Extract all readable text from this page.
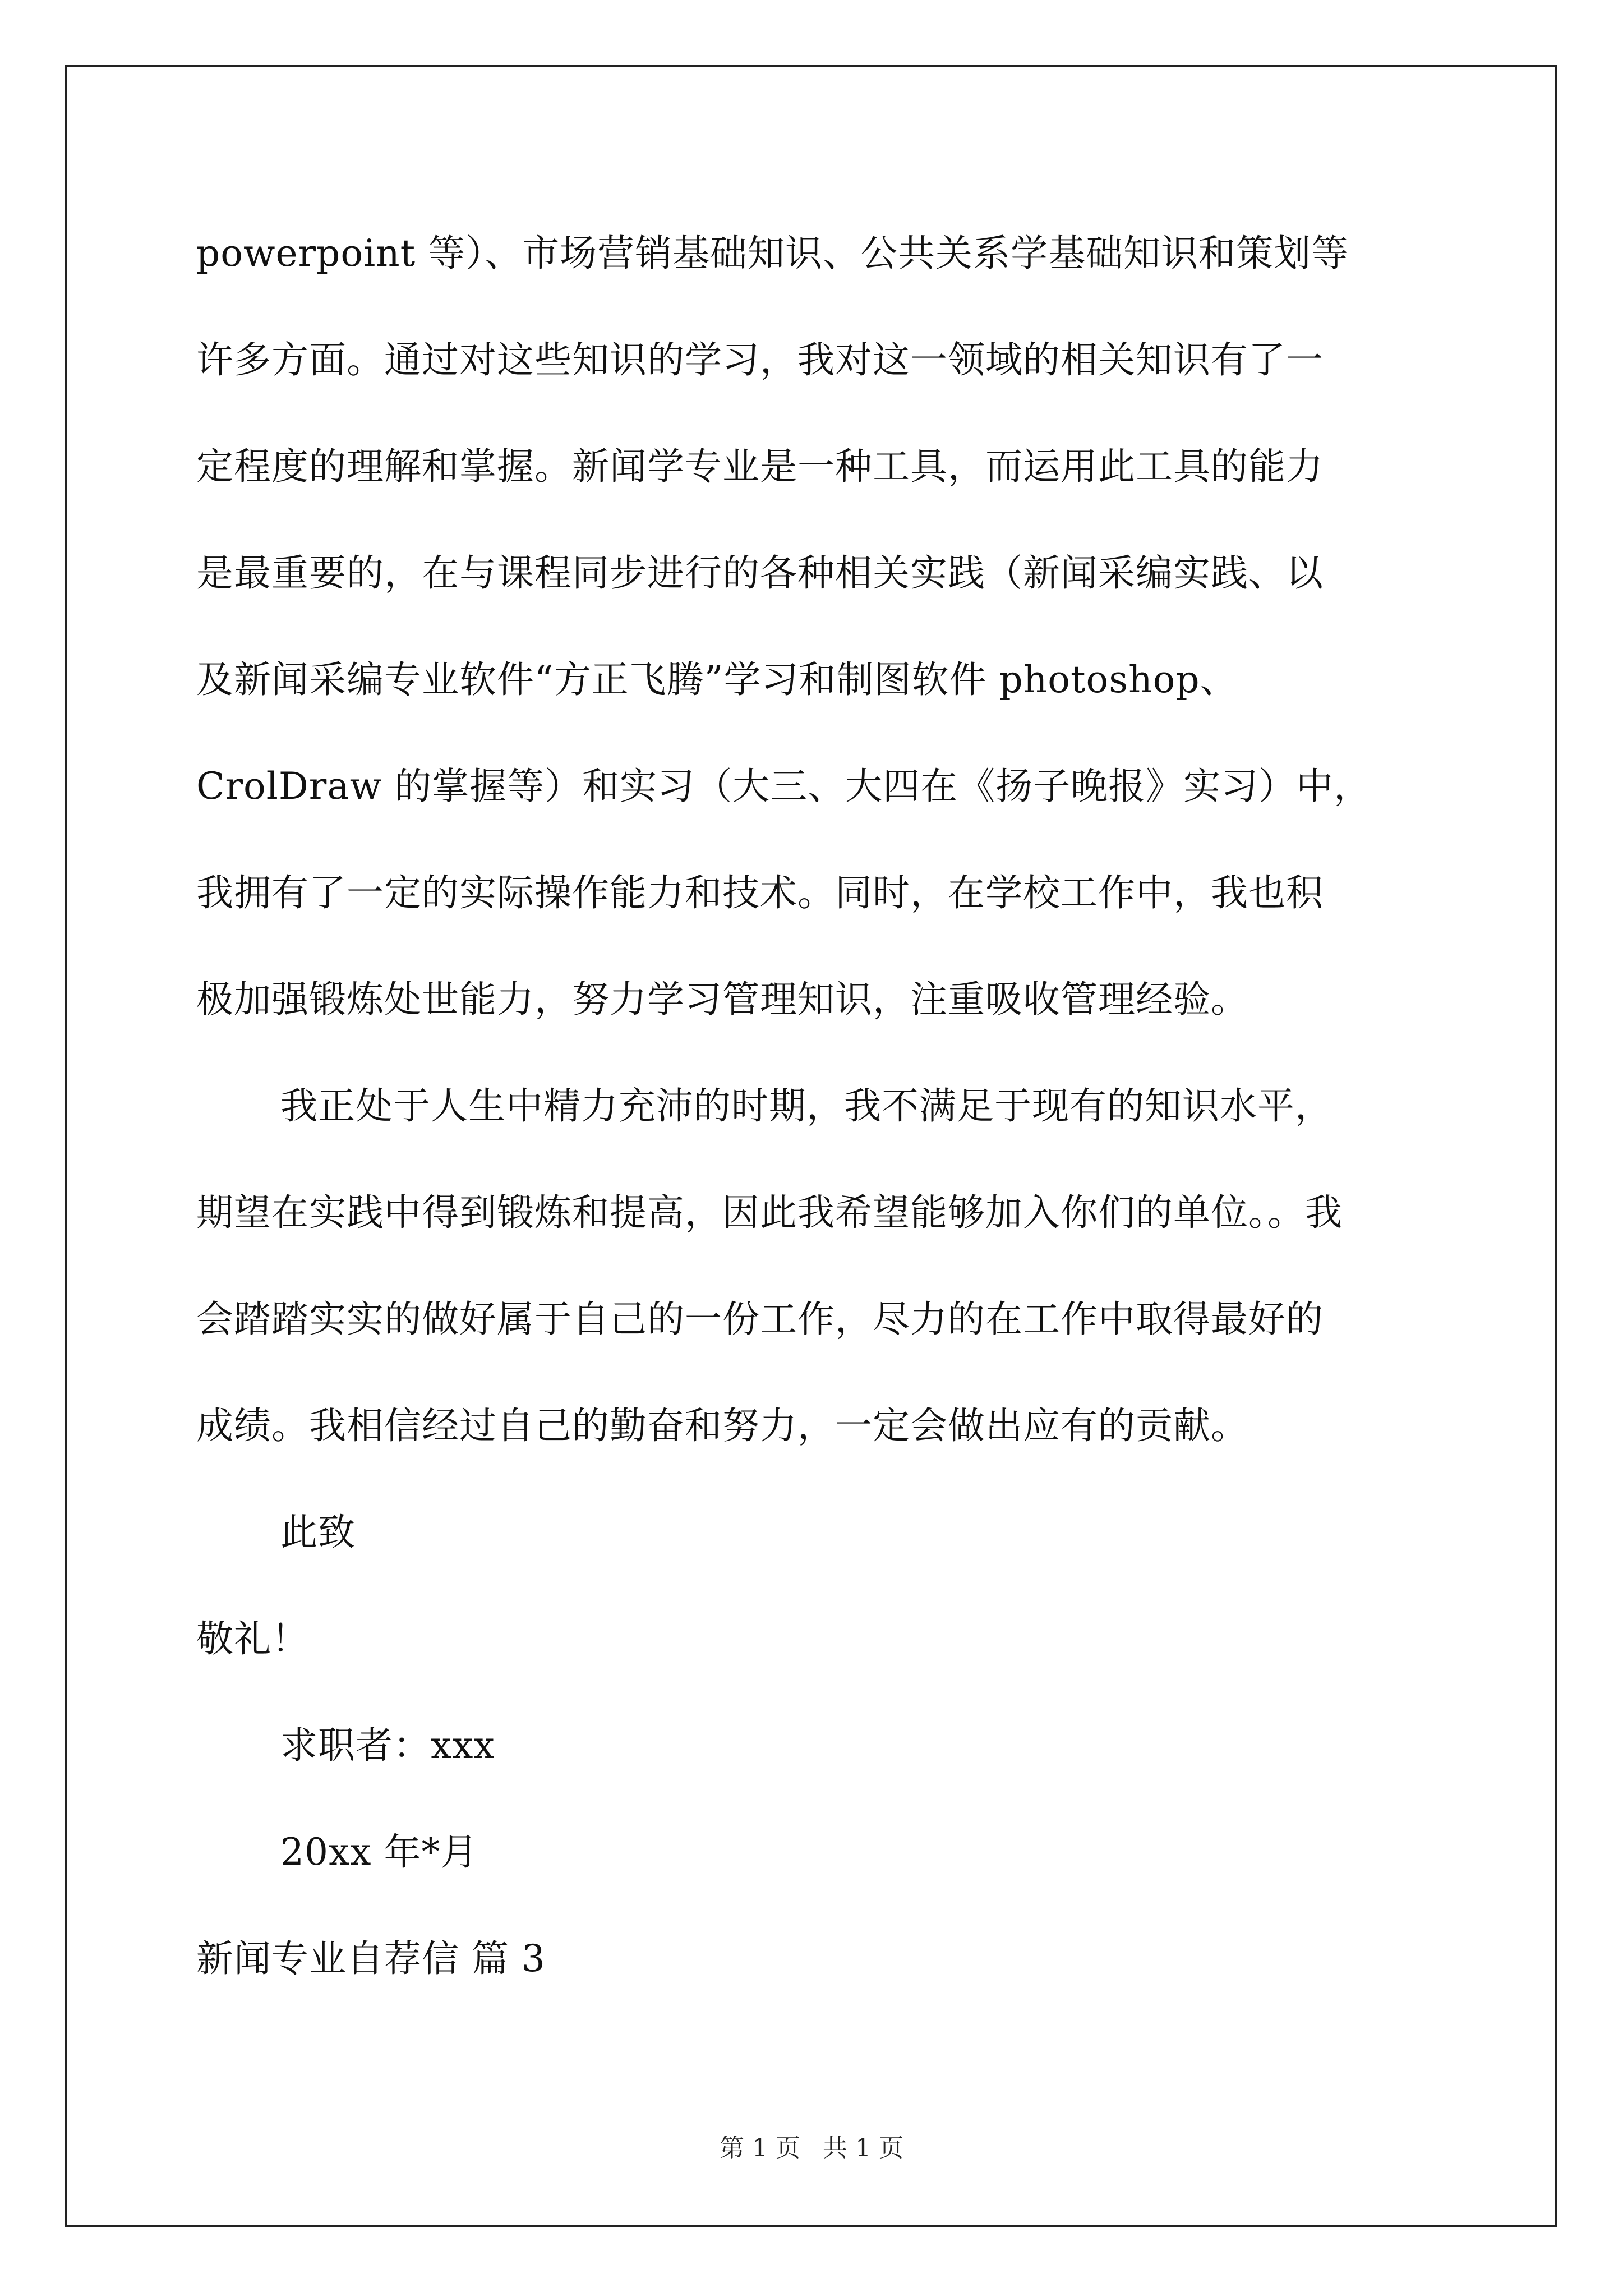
powerpoint 等）、市场营销基础知识、公共关系学基础知识和策划等
许多方面。通过对这些知识的学习，我对这一领域的相关知识有了一
定程度的理解和掌握。新闻学专业是一种工具，而运用此工具的能力
是最重要的，在与课程同步进行的各种相关实践（新闻采编实践、以
及新闻采编专业软件“方正飞腾”学习和制图软件 photoshop、
CrolDraw 的掌握等）和实习（大三、大四在《扬子晚报》实习）中，
我拥有了一定的实际操作能力和技术。同时，在学校工作中，我也积
极加强锻炼处世能力，努力学习管理知识，注重吸收管理经验。
我正处于人生中精力充沛的时期，我不满足于现有的知识水平，
期望在实践中得到锻炼和提高，因此我希望能够加入你们的单位。。我
会踏踏实实的做好属于自己的一份工作，尽力的在工作中取得最好的
成绩。我相信经过自己的勤奋和努力，一定会做出应有的贡献。
此致
敬礼！
求职者：xxx
20xx 年*月
新闻专业自荐信 篇 3
第 1 页 共 1 页
